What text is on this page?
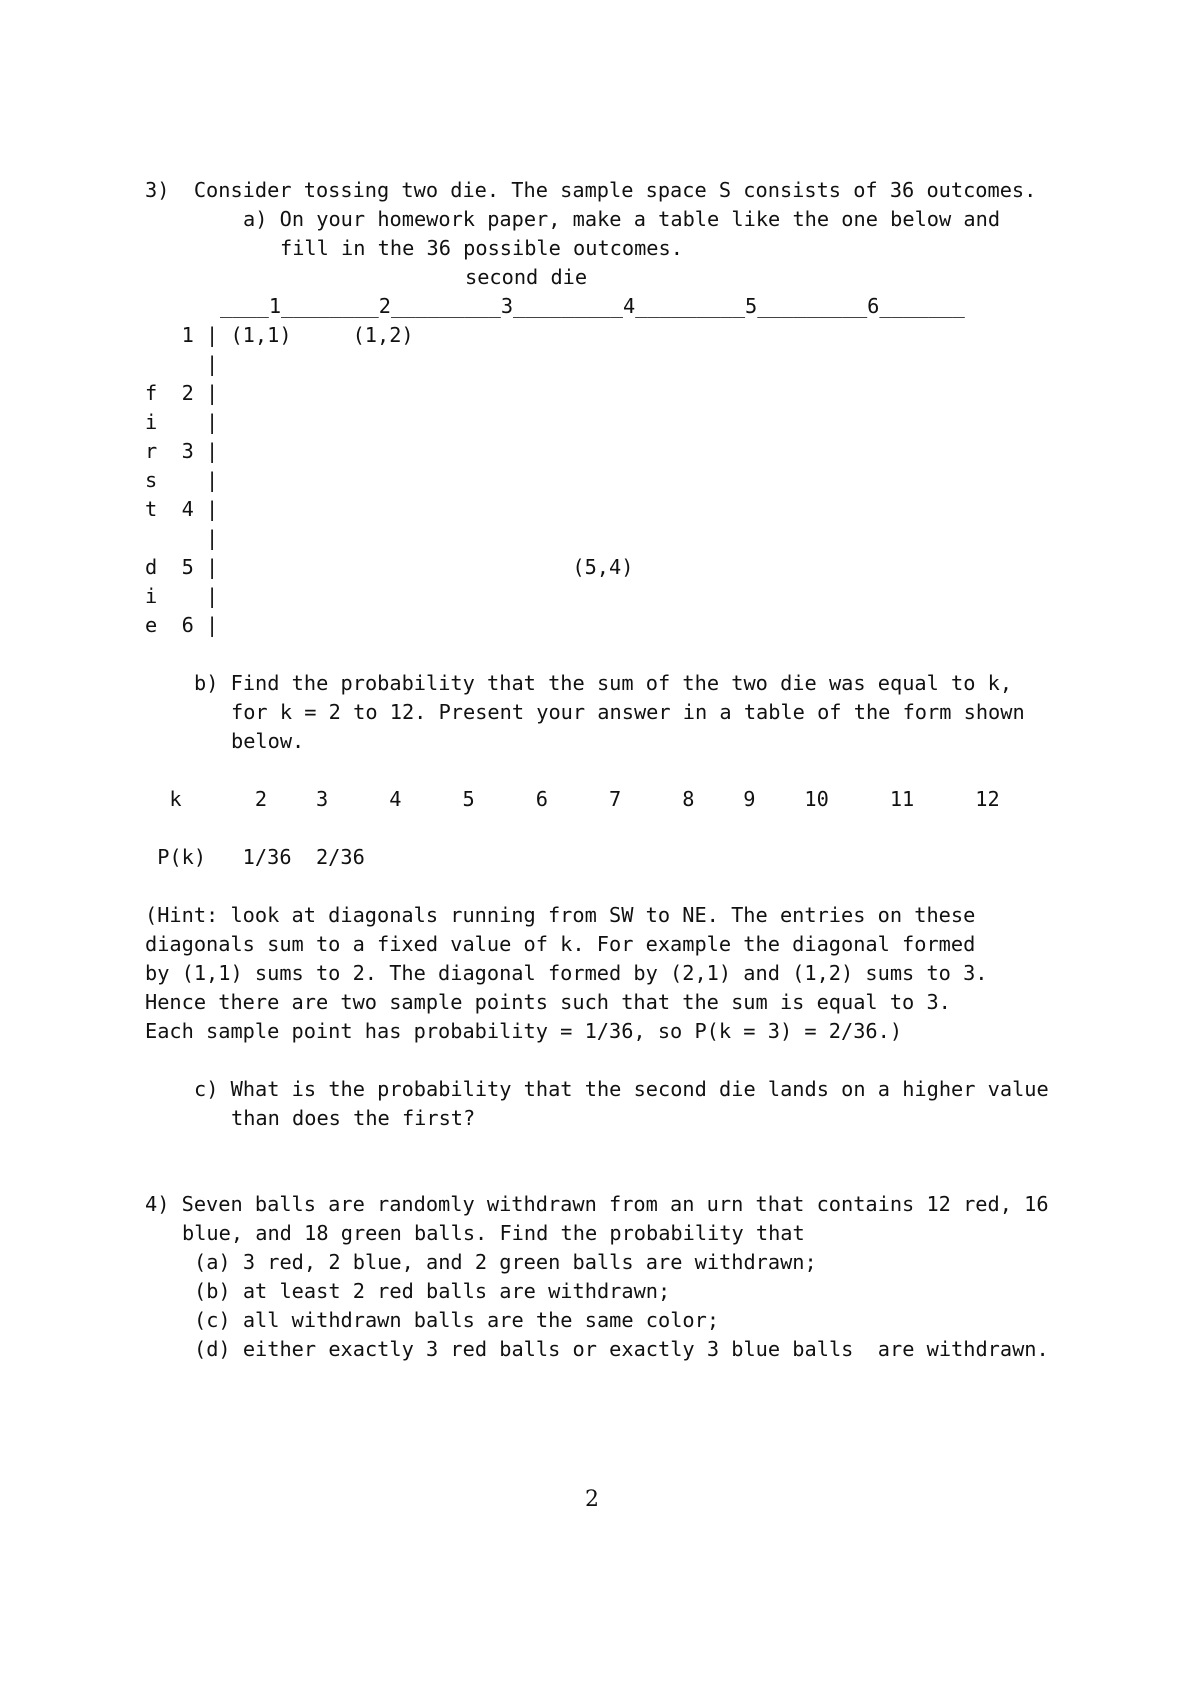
3)  Consider tossing two die. The sample space S consists of 36 outcomes.

a) On your homework paper, make a table like the one below and

fill in the 36 possible outcomes.

second die

____1________2_________3_________4_________5_________6_______

1 | (1,1)     (1,2)

|

f  2 |

i    |

r  3 |

s    |

t  4 |

|

d  5 |                             (5,4)

i    |

e  6 |

b) Find the probability that the sum of the two die was equal to k,

for k = 2 to 12. Present your answer in a table of the form shown

below.

k      2    3     4     5     6     7     8    9    10     11     12

P(k)   1/36  2/36

(Hint: look at diagonals running from SW to NE. The entries on these

diagonals sum to a fixed value of k. For example the diagonal formed

by (1,1) sums to 2. The diagonal formed by (2,1) and (1,2) sums to 3.

Hence there are two sample points such that the sum is equal to 3.

Each sample point has probability = 1/36, so P(k = 3) = 2/36.)

c) What is the probability that the second die lands on a higher value

than does the first?

4) Seven balls are randomly withdrawn from an urn that contains 12 red, 16

blue, and 18 green balls. Find the probability that

(a) 3 red, 2 blue, and 2 green balls are withdrawn;

(b) at least 2 red balls are withdrawn;

(c) all withdrawn balls are the same color;

(d) either exactly 3 red balls or exactly 3 blue balls  are withdrawn.

2
